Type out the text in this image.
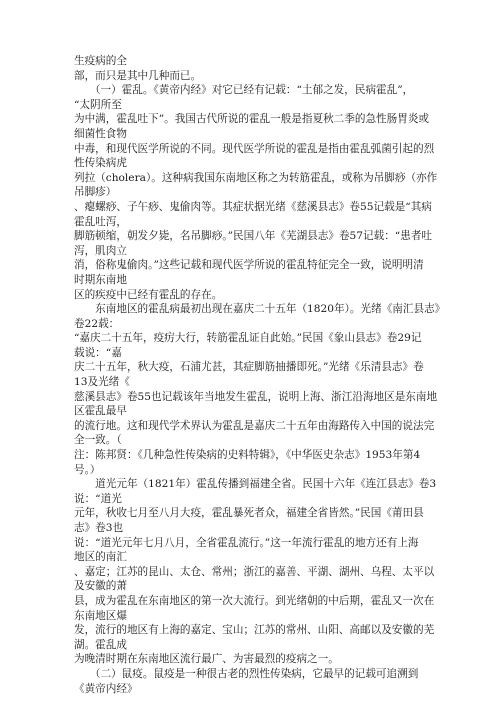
生疫病的全
部，而只是其中几种而已。
　　（一）霍乱。《黄帝内经》对它已经有记载：“土郁之发，民病霍乱”，
“太阴所至
为中满，霍乱吐下”。我国古代所说的霍乱一般是指夏秋二季的急性肠胃炎或
细菌性食物
中毒，和现代医学所说的不同。现代医学所说的霍乱是指由霍乱弧菌引起的烈
性传染病虎
列拉（cholera）。这种病我国东南地区称之为转筋霍乱，或称为吊脚痧（亦作
吊脚疹）
、瘪螺痧、子午痧、鬼偷肉等。其症状据光绪《慈溪县志》卷55记载是“其病
霍乱吐泻，
脚筋顿缩，朝发夕毙，名吊脚痧。”民国八年《芜湖县志》卷57记载：“患者吐
泻，肌肉立
消，俗称鬼偷肉。”这些记载和现代医学所说的霍乱特征完全一致，说明明清
时期东南地
区的疾疫中已经有霍乱的存在。
　　东南地区的霍乱病最初出现在嘉庆二十五年（1820年）。光绪《南汇县志》
卷22载：
“嘉庆二十五年，疫疠大行，转筋霍乱证自此始。”民国《象山县志》卷29记
载说：“嘉
庆二十五年，秋大疫，石浦尤甚，其症脚筋抽播即死。”光绪《乐清县志》卷
13及光绪《
慈溪县志》卷55也记载该年当地发生霍乱，说明上海、浙江沿海地区是东南地
区霍乱最早
的流行地。这和现代学术界认为霍乱是嘉庆二十五年由海路传入中国的说法完
全一致。（
注：陈邦贤：《几种急性传染病的史料特辑》，《中华医史杂志》1953年第4
号。）
　　道光元年（1821年）霍乱传播到福建全省。民国十六年《连江县志》卷3
说：“道光
元年，秋收七月至八月大疫，霍乱暴死者众，福建全省皆然。”民国《莆田县
志》卷3也
说：“道光元年七月八月，全省霍乱流行。”这一年流行霍乱的地方还有上海
地区的南汇
、嘉定；江苏的昆山、太仓、常州；浙江的嘉善、平湖、湖州、乌程、太平以
及安徽的萧
县，成为霍乱在东南地区的第一次大流行。到光绪朝的中后期，霍乱又一次在
东南地区爆
发，流行的地区有上海的嘉定、宝山；江苏的常州、山阳、高邮以及安徽的芜
湖。霍乱成
为晚清时期在东南地区流行最广、为害最烈的疫病之一。
　　（二）鼠疫。鼠疫是一种很古老的烈性传染病，它最早的记载可追溯到
《黄帝内经》
